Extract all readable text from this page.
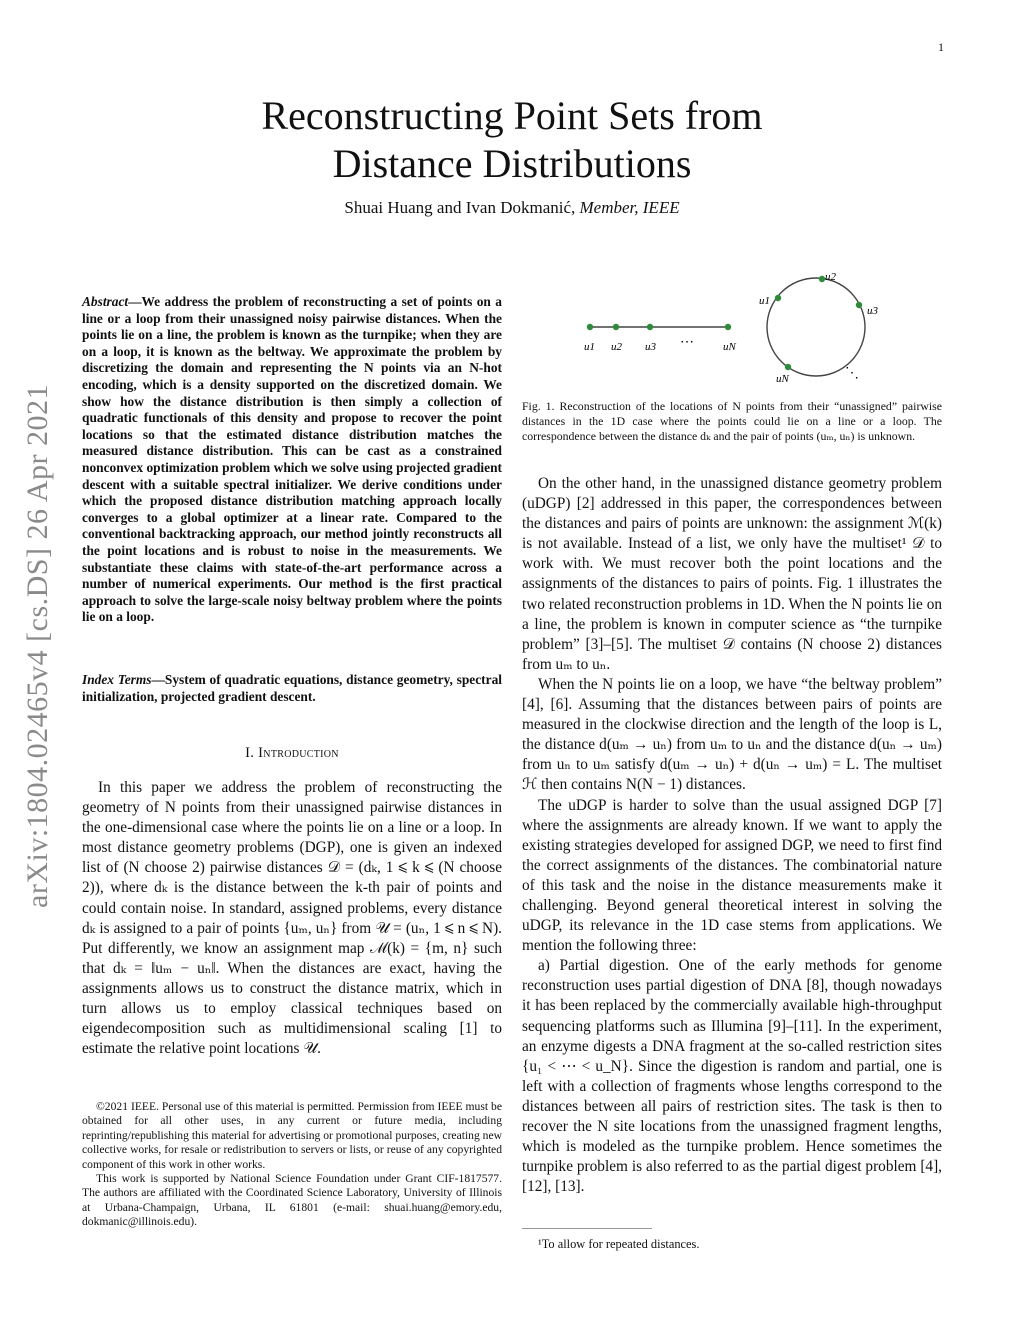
1
arXiv:1804.02465v4 [cs.DS] 26 Apr 2021
Reconstructing Point Sets from
Distance Distributions
Shuai Huang and Ivan Dokmanić, Member, IEEE
Abstract—We address the problem of reconstructing a set of points on a line or a loop from their unassigned noisy pairwise distances. When the points lie on a line, the problem is known as the turnpike; when they are on a loop, it is known as the beltway. We approximate the problem by discretizing the domain and representing the N points via an N-hot encoding, which is a density supported on the discretized domain. We show how the distance distribution is then simply a collection of quadratic functionals of this density and propose to recover the point locations so that the estimated distance distribution matches the measured distance distribution. This can be cast as a constrained nonconvex optimization problem which we solve using projected gradient descent with a suitable spectral initializer. We derive conditions under which the proposed distance distribution matching approach locally converges to a global optimizer at a linear rate. Compared to the conventional backtracking approach, our method jointly reconstructs all the point locations and is robust to noise in the measurements. We substantiate these claims with state-of-the-art performance across a number of numerical experiments. Our method is the first practical approach to solve the large-scale noisy beltway problem where the points lie on a loop.
Index Terms—System of quadratic equations, distance geometry, spectral initialization, projected gradient descent.
I. Introduction

In this paper we address the problem of reconstructing the geometry of N points from their unassigned pairwise distances in the one-dimensional case where the points lie on a line or a loop. In most distance geometry problems (DGP), one is given an indexed list of (N choose 2) pairwise distances 𝒟 = (dₖ, 1 ⩽ k ⩽ (N choose 2)), where dₖ is the distance between the k-th pair of points and could contain noise. In standard, assigned problems, every distance dₖ is assigned to a pair of points {uₘ, uₙ} from 𝒰 = (uₙ, 1 ⩽ n ⩽ N). Put differently, we know an assignment map ℳ(k) = {m, n} such that dₖ = ‖uₘ − uₙ‖. When the distances are exact, having the assignments allows us to construct the distance matrix, which in turn allows us to employ classical techniques based on eigendecomposition such as multidimensional scaling [1] to estimate the relative point locations 𝒰.

©2021 IEEE. Personal use of this material is permitted. Permission from IEEE must be obtained for all other uses, in any current or future media, including reprinting/republishing this material for advertising or promotional purposes, creating new collective works, for resale or redistribution to servers or lists, or reuse of any copyrighted component of this work in other works.

This work is supported by National Science Foundation under Grant CIF-1817577. The authors are affiliated with the Coordinated Science Laboratory, University of Illinois at Urbana-Champaign, Urbana, IL 61801 (e-mail: shuai.huang@emory.edu, dokmanic@illinois.edu).

u1 u2 u3 ⋯	uN
u1
u2
u3
uN	⋱
Fig. 1. Reconstruction of the locations of N points from their “unassigned” pairwise distances in the 1D case where the points could lie on a line or a loop. The correspondence between the distance dₖ and the pair of points (uₘ, uₙ) is unknown.

On the other hand, in the unassigned distance geometry problem (uDGP) [2] addressed in this paper, the correspondences between the distances and pairs of points are unknown: the assignment ℳ(k) is not available. Instead of a list, we only have the multiset¹ 𝒟 to work with. We must recover both the point locations and the assignments of the distances to pairs of points. Fig. 1 illustrates the two related reconstruction problems in 1D. When the N points lie on a line, the problem is known in computer science as “the turnpike problem” [3]–[5]. The multiset 𝒟 contains (N choose 2) distances from uₘ to uₙ.

When the N points lie on a loop, we have “the beltway problem” [4], [6]. Assuming that the distances between pairs of points are measured in the clockwise direction and the length of the loop is L, the distance d(uₘ → uₙ) from uₘ to uₙ and the distance d(uₙ → uₘ) from uₙ to uₘ satisfy d(uₘ → uₙ) + d(uₙ → uₘ) = L. The multiset ℋ then contains N(N − 1) distances.

The uDGP is harder to solve than the usual assigned DGP [7] where the assignments are already known. If we want to apply the existing strategies developed for assigned DGP, we need to first find the correct assignments of the distances. The combinatorial nature of this task and the noise in the distance measurements make it challenging. Beyond general theoretical interest in solving the uDGP, its relevance in the 1D case stems from applications. We mention the following three:

a) Partial digestion. One of the early methods for genome reconstruction uses partial digestion of DNA [8], though nowadays it has been replaced by the commercially available high-throughput sequencing platforms such as Illumina [9]–[11]. In the experiment, an enzyme digests a DNA fragment at the so-called restriction sites {u₁ < ⋯ < u_N}. Since the digestion is random and partial, one is left with a collection of fragments whose lengths correspond to the distances between all pairs of restriction sites. The task is then to recover the N site locations from the unassigned fragment lengths, which is modeled as the turnpike problem. Hence sometimes the turnpike problem is also referred to as the partial digest problem [4], [12], [13].

¹To allow for repeated distances.
